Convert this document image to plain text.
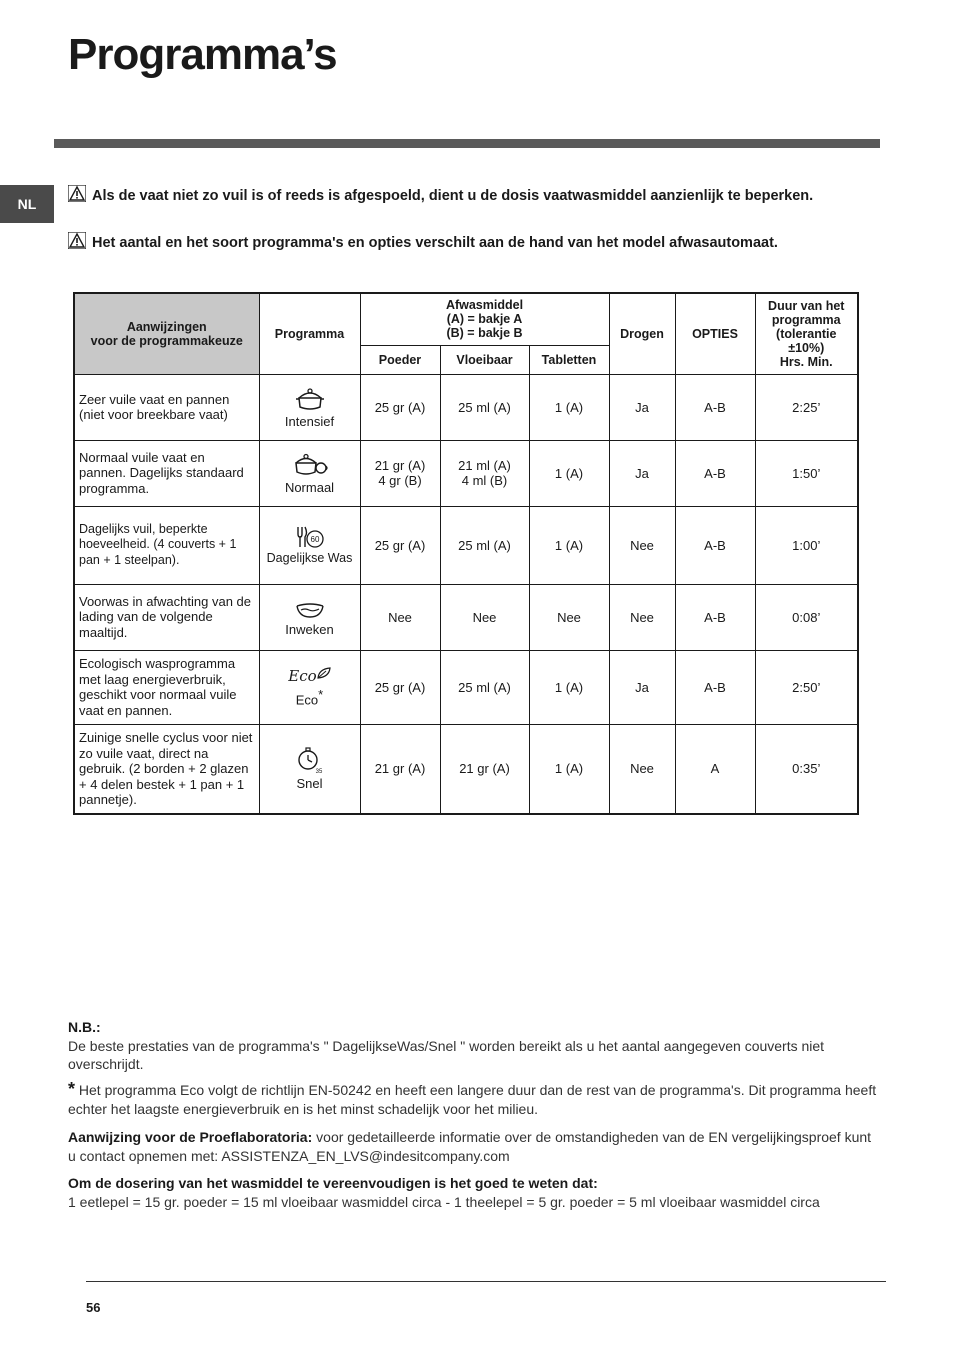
Programma’s
NL	Als de vaat niet zo vuil is of reeds is afgespoeld, dient u de dosis vaatwasmiddel aanzienlijk te beperken.
Het aantal en het soort programma's en opties verschilt aan de hand van het model afwasautomaat.
Aanwijzingen
voor de programmakeuze	Programma	Afwasmiddel
(A) = bakje A
(B) = bakje B			Drogen	OPTIES	Duur van het
programma
(tolerantie
±10%)
Hrs. Min.
		Poeder	Vloeibaar	Tabletten			
Zeer vuile vaat en pannen (niet voor breekbare vaat)	Intensief	25 gr (A)	25 ml (A)	1 (A)	Ja	A-B	2:25’
Normaal vuile vaat en pannen. Dagelijks standaard programma.	Normaal	21 gr (A)
4 gr (B)	21 ml (A)
4 ml (B)	1 (A)	Ja	A-B	1:50’
Dagelijks vuil, beperkte hoeveelheid. (4 couverts + 1 pan + 1 steelpan).	60
Dagelijkse Was	25 gr (A)	25 ml (A)	1 (A)	Nee	A-B	1:00’
Voorwas in afwachting van de lading van de volgende maaltijd.	Inweken	Nee	Nee	Nee	Nee	A-B	0:08’
Ecologisch wasprogramma met laag energieverbruik, geschikt voor normaal vuile vaat en pannen.	Eco
Eco*	25 gr (A)	25 ml (A)	1 (A)	Ja	A-B	2:50’
Zuinige snelle cyclus voor niet zo vuile vaat, direct na gebruik. (2 borden + 2 glazen + 4 delen bestek + 1 pan + 1 pannetje).	35
Snel	21 gr (A)	21 gr (A)	1 (A)	Nee	A	0:35’
N.B.:
De beste prestaties van de programma's " DagelijkseWas/Snel " worden bereikt als u het aantal aangegeven couverts niet overschrijdt.
* Het programma Eco volgt de richtlijn EN-50242 en heeft een langere duur dan de rest van de programma's. Dit programma heeft echter het laagste energieverbruik en is het minst schadelijk voor het milieu.
Aanwijzing voor de Proeflaboratoria: voor gedetailleerde informatie over de omstandigheden van de EN vergelijkingsproef kunt u contact opnemen met: ASSISTENZA_EN_LVS@indesitcompany.com
Om de dosering van het wasmiddel te vereenvoudigen is het goed te weten dat:
1 eetlepel = 15 gr. poeder = 15 ml vloeibaar wasmiddel circa - 1 theelepel = 5 gr. poeder = 5 ml vloeibaar wasmiddel circa
56
